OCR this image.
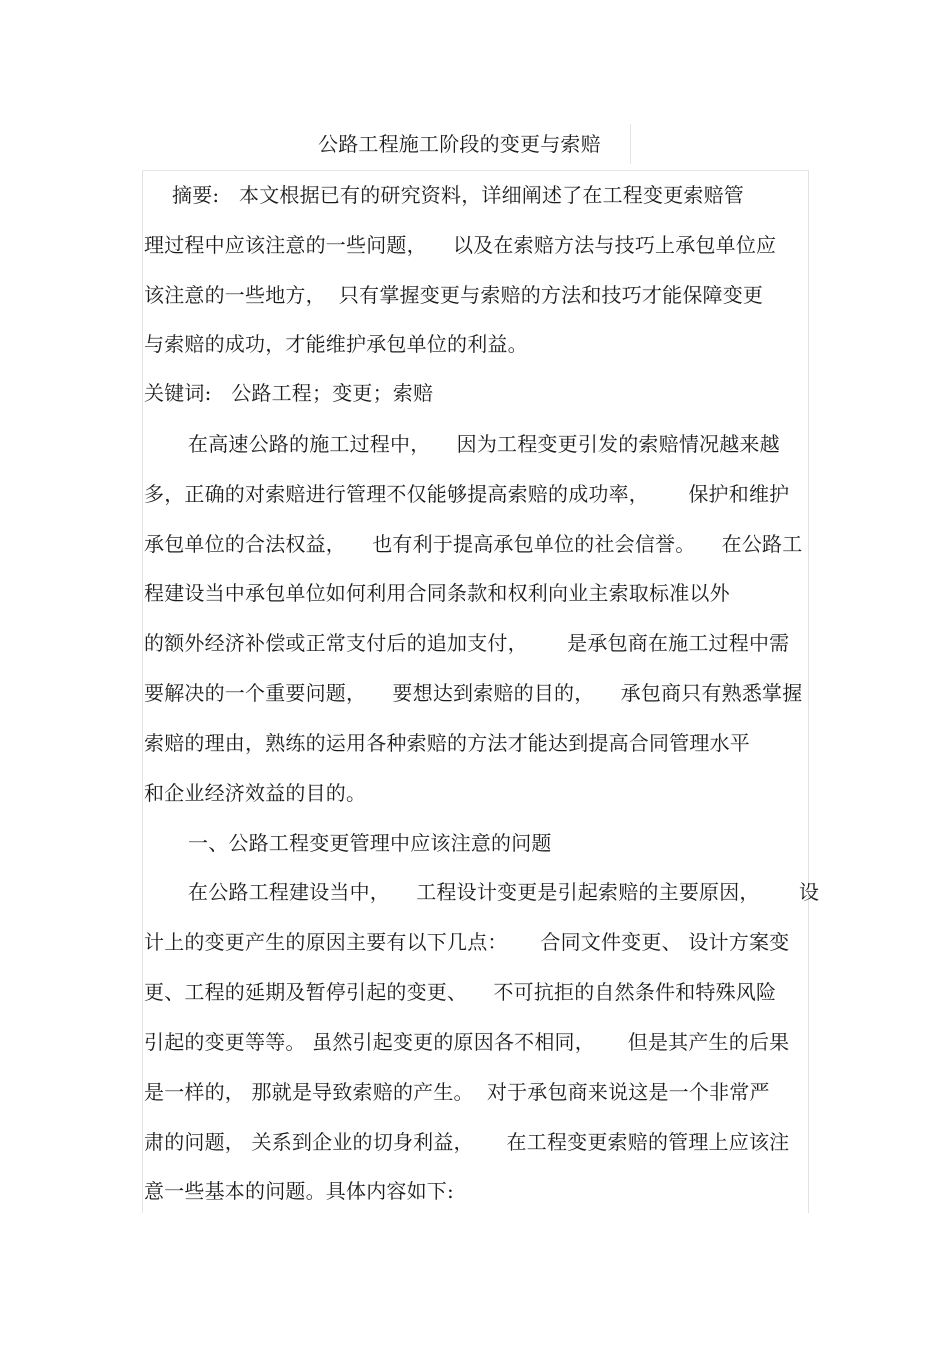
公路工程施工阶段的变更与索赔
摘要:   本文根据已有的研究资料，详细阐述了在工程变更索赔管
理过程中应该注意的一些问题，    以及在索赔方法与技巧上承包单位应
该注意的一些地方，  只有掌握变更与索赔的方法和技巧才能保障变更
与索赔的成功，才能维护承包单位的利益。
关键词:   公路工程；变更；索赔
在高速公路的施工过程中，    因为工程变更引发的索赔情况越来越
多，正确的对索赔进行管理不仅能够提高索赔的成功率，      保护和维护
承包单位的合法权益，    也有利于提高承包单位的社会信誉。    在公路工
程建设当中承包单位如何利用合同条款和权利向业主索取标准以外
的额外经济补偿或正常支付后的追加支付，      是承包商在施工过程中需
要解决的一个重要问题，    要想达到索赔的目的，    承包商只有熟悉掌握
索赔的理由，熟练的运用各种索赔的方法才能达到提高合同管理水平
和企业经济效益的目的。
一、公路工程变更管理中应该注意的问题
在公路工程建设当中，    工程设计变更是引起索赔的主要原因，      设
计上的变更产生的原因主要有以下几点：     合同文件变更、 设计方案变
更、工程的延期及暂停引起的变更、    不可抗拒的自然条件和特殊风险
引起的变更等等。 虽然引起变更的原因各不相同，     但是其产生的后果
是一样的， 那就是导致索赔的产生。  对于承包商来说这是一个非常严
肃的问题， 关系到企业的切身利益，     在工程变更索赔的管理上应该注
意一些基本的问题。具体内容如下:
